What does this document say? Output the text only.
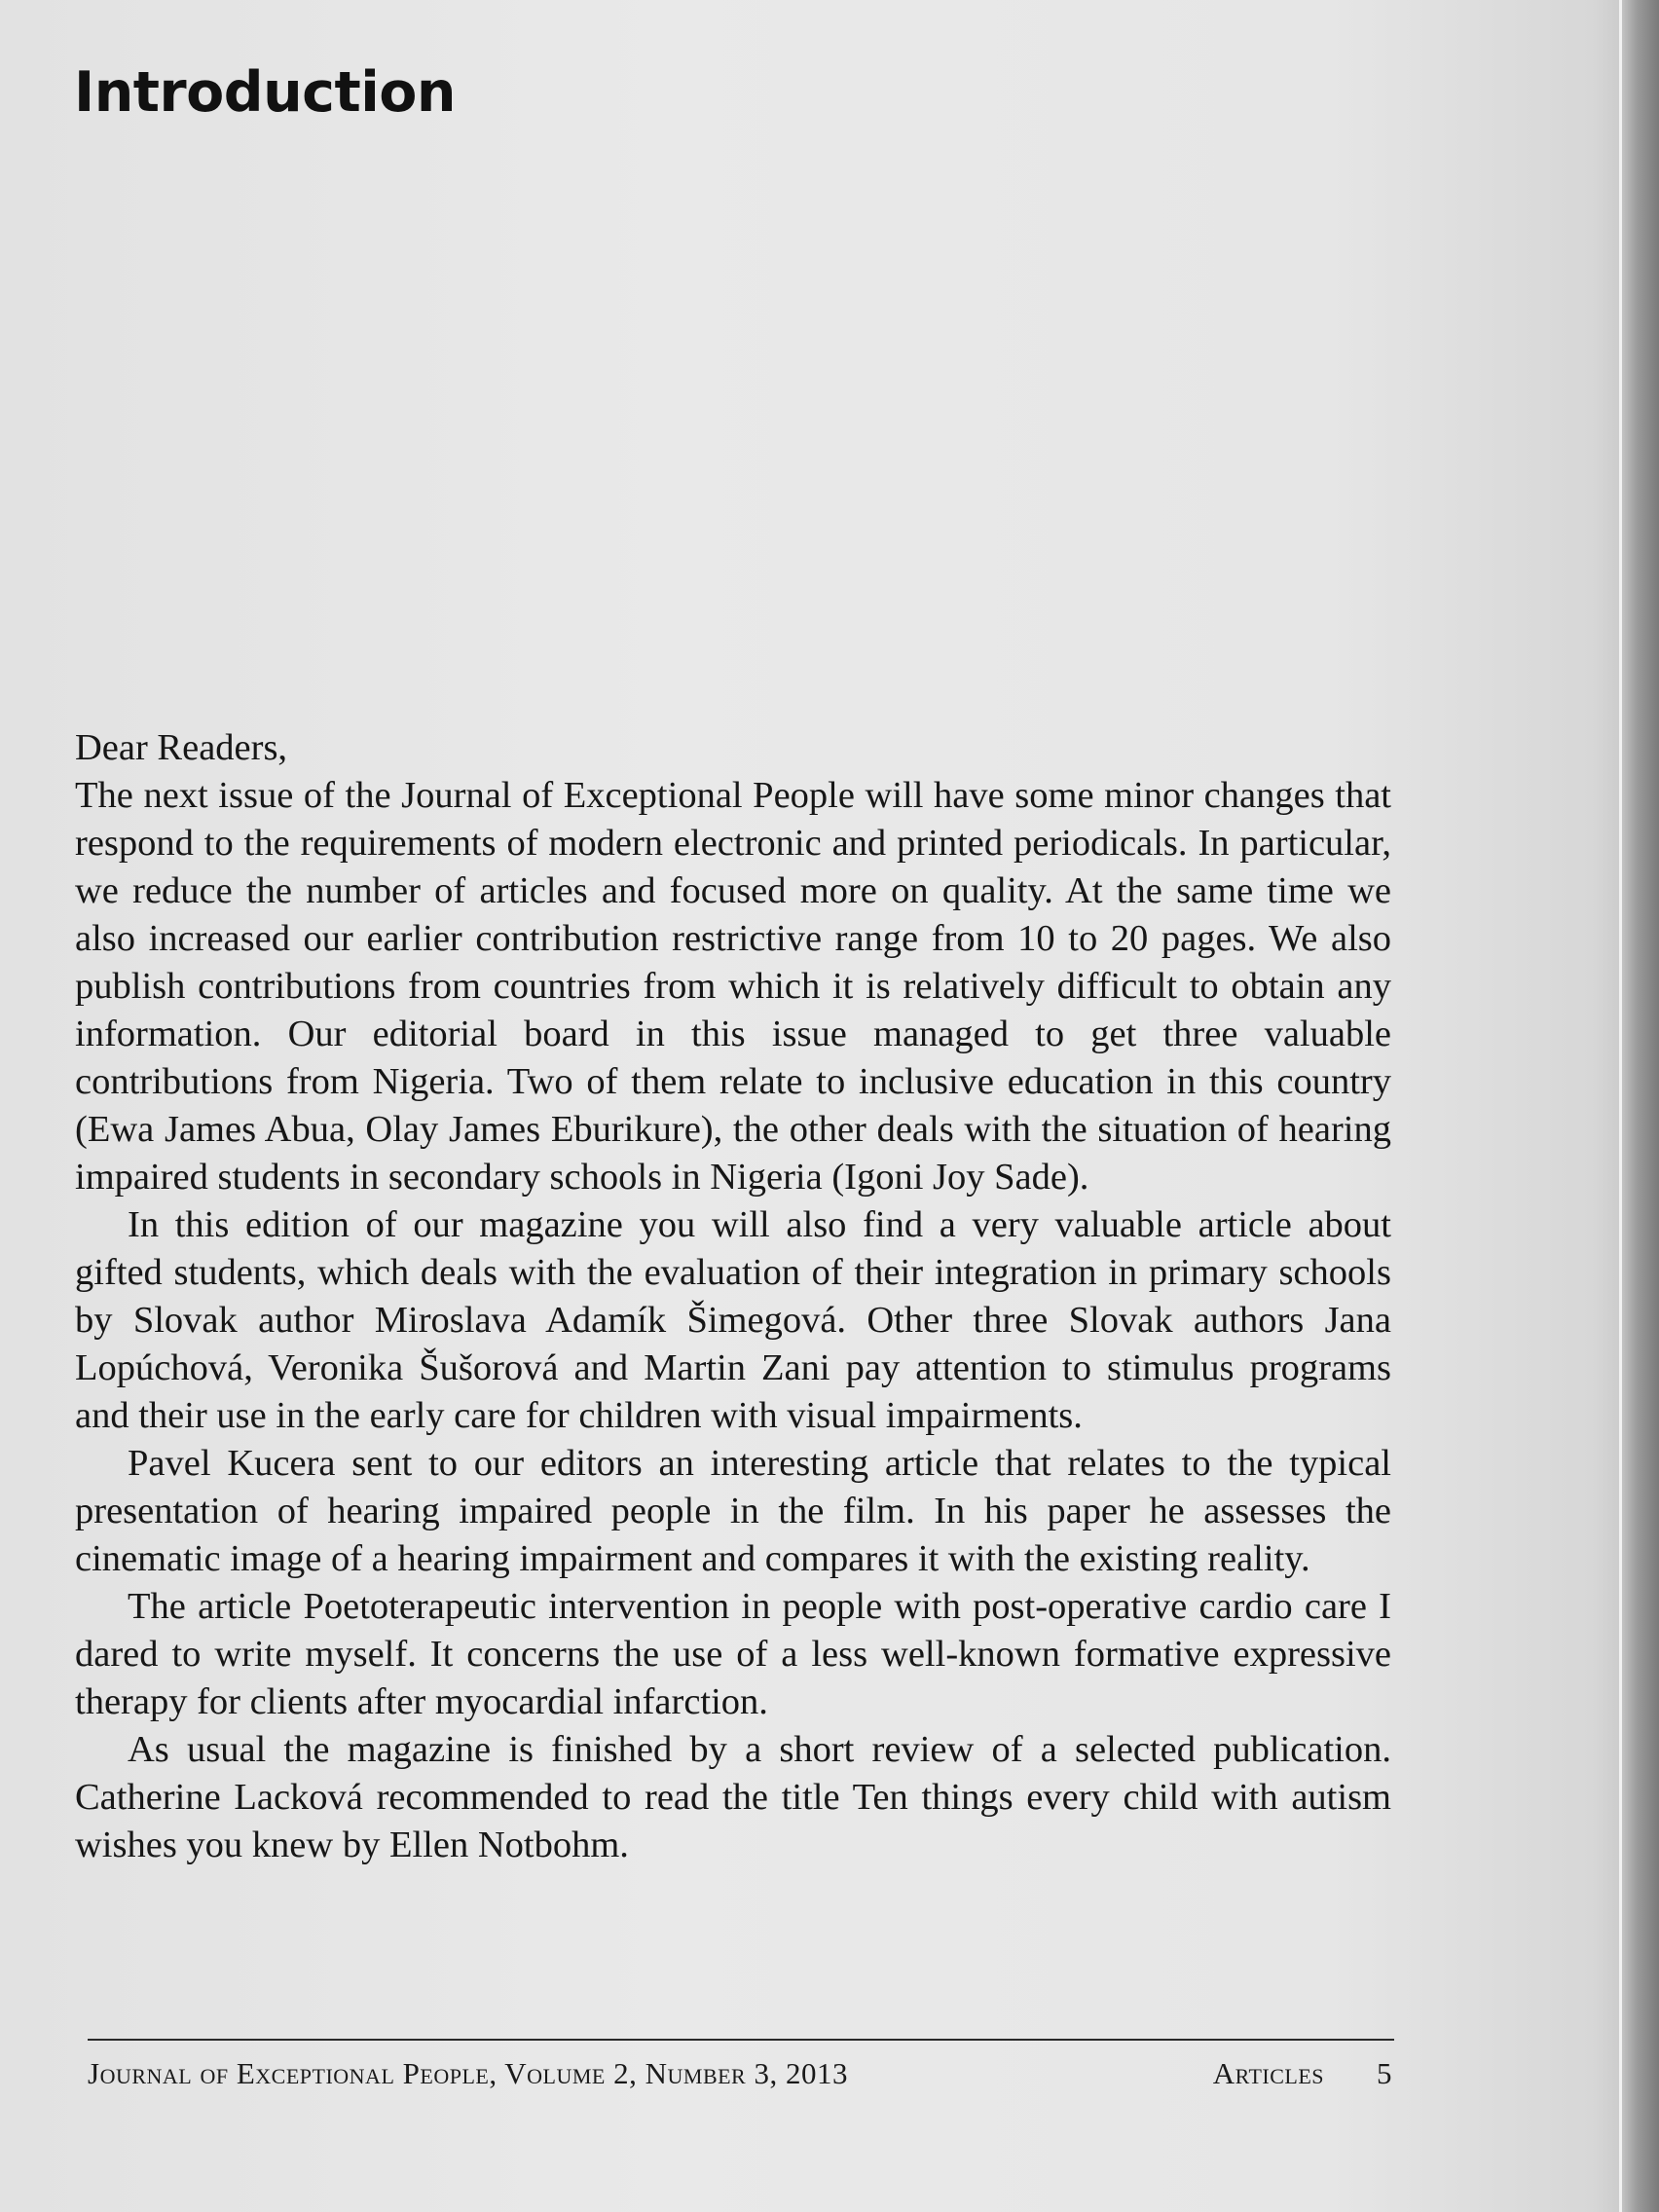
Introduction

Dear Readers,

The next issue of the Journal of Exceptional People will have some minor changes that respond to the requirements of modern electronic and printed periodicals. In particular, we reduce the number of articles and focused more on quality. At the same time we also increased our earlier contribution restrictive range from 10 to 20 pages. We also publish contributions from countries from which it is relatively difficult to obtain any information. Our editorial board in this issue managed to get three valuable contributions from Nigeria. Two of them relate to inclusive education in this country (Ewa James Abua, Olay James Eburikure), the other deals with the situation of hearing impaired students in secondary schools in Nigeria (Igoni Joy Sade).

In this edition of our magazine you will also find a very valuable article about gifted students, which deals with the evaluation of their integration in primary schools by Slovak author Miroslava Adamík Šimegová. Other three Slovak authors Jana Lopúchová, Veronika Šušorová and Martin Zani pay attention to stimulus programs and their use in the early care for children with visual impairments.

Pavel Kucera sent to our editors an interesting article that relates to the typical presentation of hearing impaired people in the film. In his paper he assesses the cinematic image of a hearing impairment and compares it with the existing reality.

The article Poetoterapeutic intervention in people with post-operative cardio care I dared to write myself. It concerns the use of a less well-known formative expressive therapy for clients after myocardial infarction.

As usual the magazine is finished by a short review of a selected publication. Catherine Lacková recommended to read the title Ten things every child with autism wishes you knew by Ellen Notbohm.

Journal of Exceptional People, Volume 2, Number 3, 2013	Articles 5
